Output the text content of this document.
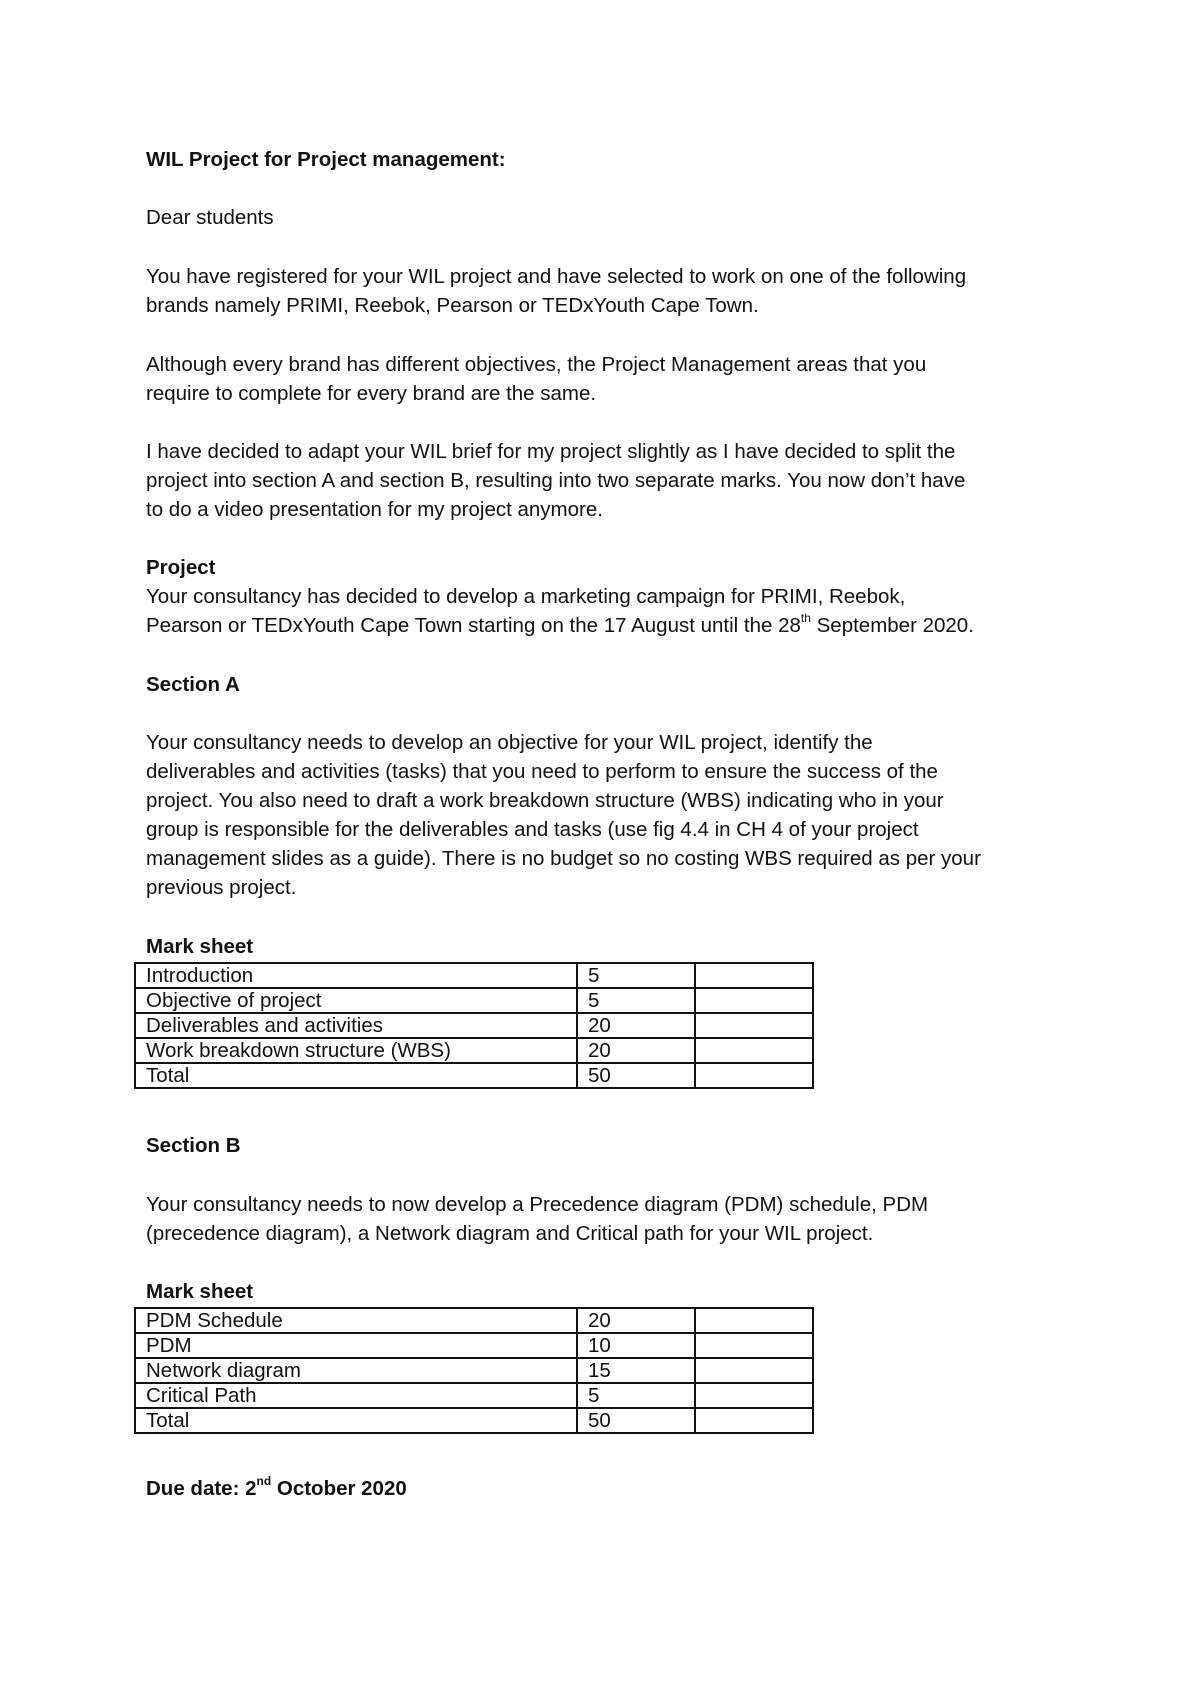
WIL Project for Project management:
Dear students
You have registered for your WIL project and have selected to work on one of the following
brands namely PRIMI, Reebok, Pearson or TEDxYouth Cape Town.
Although every brand has different objectives, the Project Management areas that you
require to complete for every brand are the same.
I have decided to adapt your WIL brief for my project slightly as I have decided to split the
project into section A and section B, resulting into two separate marks. You now don’t have
to do a video presentation for my project anymore.
Project
Your consultancy has decided to develop a marketing campaign for PRIMI, Reebok,
Pearson or TEDxYouth Cape Town starting on the 17 August until the 28th September 2020.
Section A
Your consultancy needs to develop an objective for your WIL project, identify the
deliverables and activities (tasks) that you need to perform to ensure the success of the
project. You also need to draft a work breakdown structure (WBS) indicating who in your
group is responsible for the deliverables and tasks (use fig 4.4 in CH 4 of your project
management slides as a guide). There is no budget so no costing WBS required as per your
previous project.
Mark sheet
Introduction	5	
Objective of project	5	
Deliverables and activities	20	
Work breakdown structure (WBS)	20	
Total	50	
Section B
Your consultancy needs to now develop a Precedence diagram (PDM) schedule, PDM
(precedence diagram), a Network diagram and Critical path for your WIL project.
Mark sheet
PDM Schedule	20	
PDM	10	
Network diagram	15	
Critical Path	5	
Total	50	
Due date: 2nd October 2020
